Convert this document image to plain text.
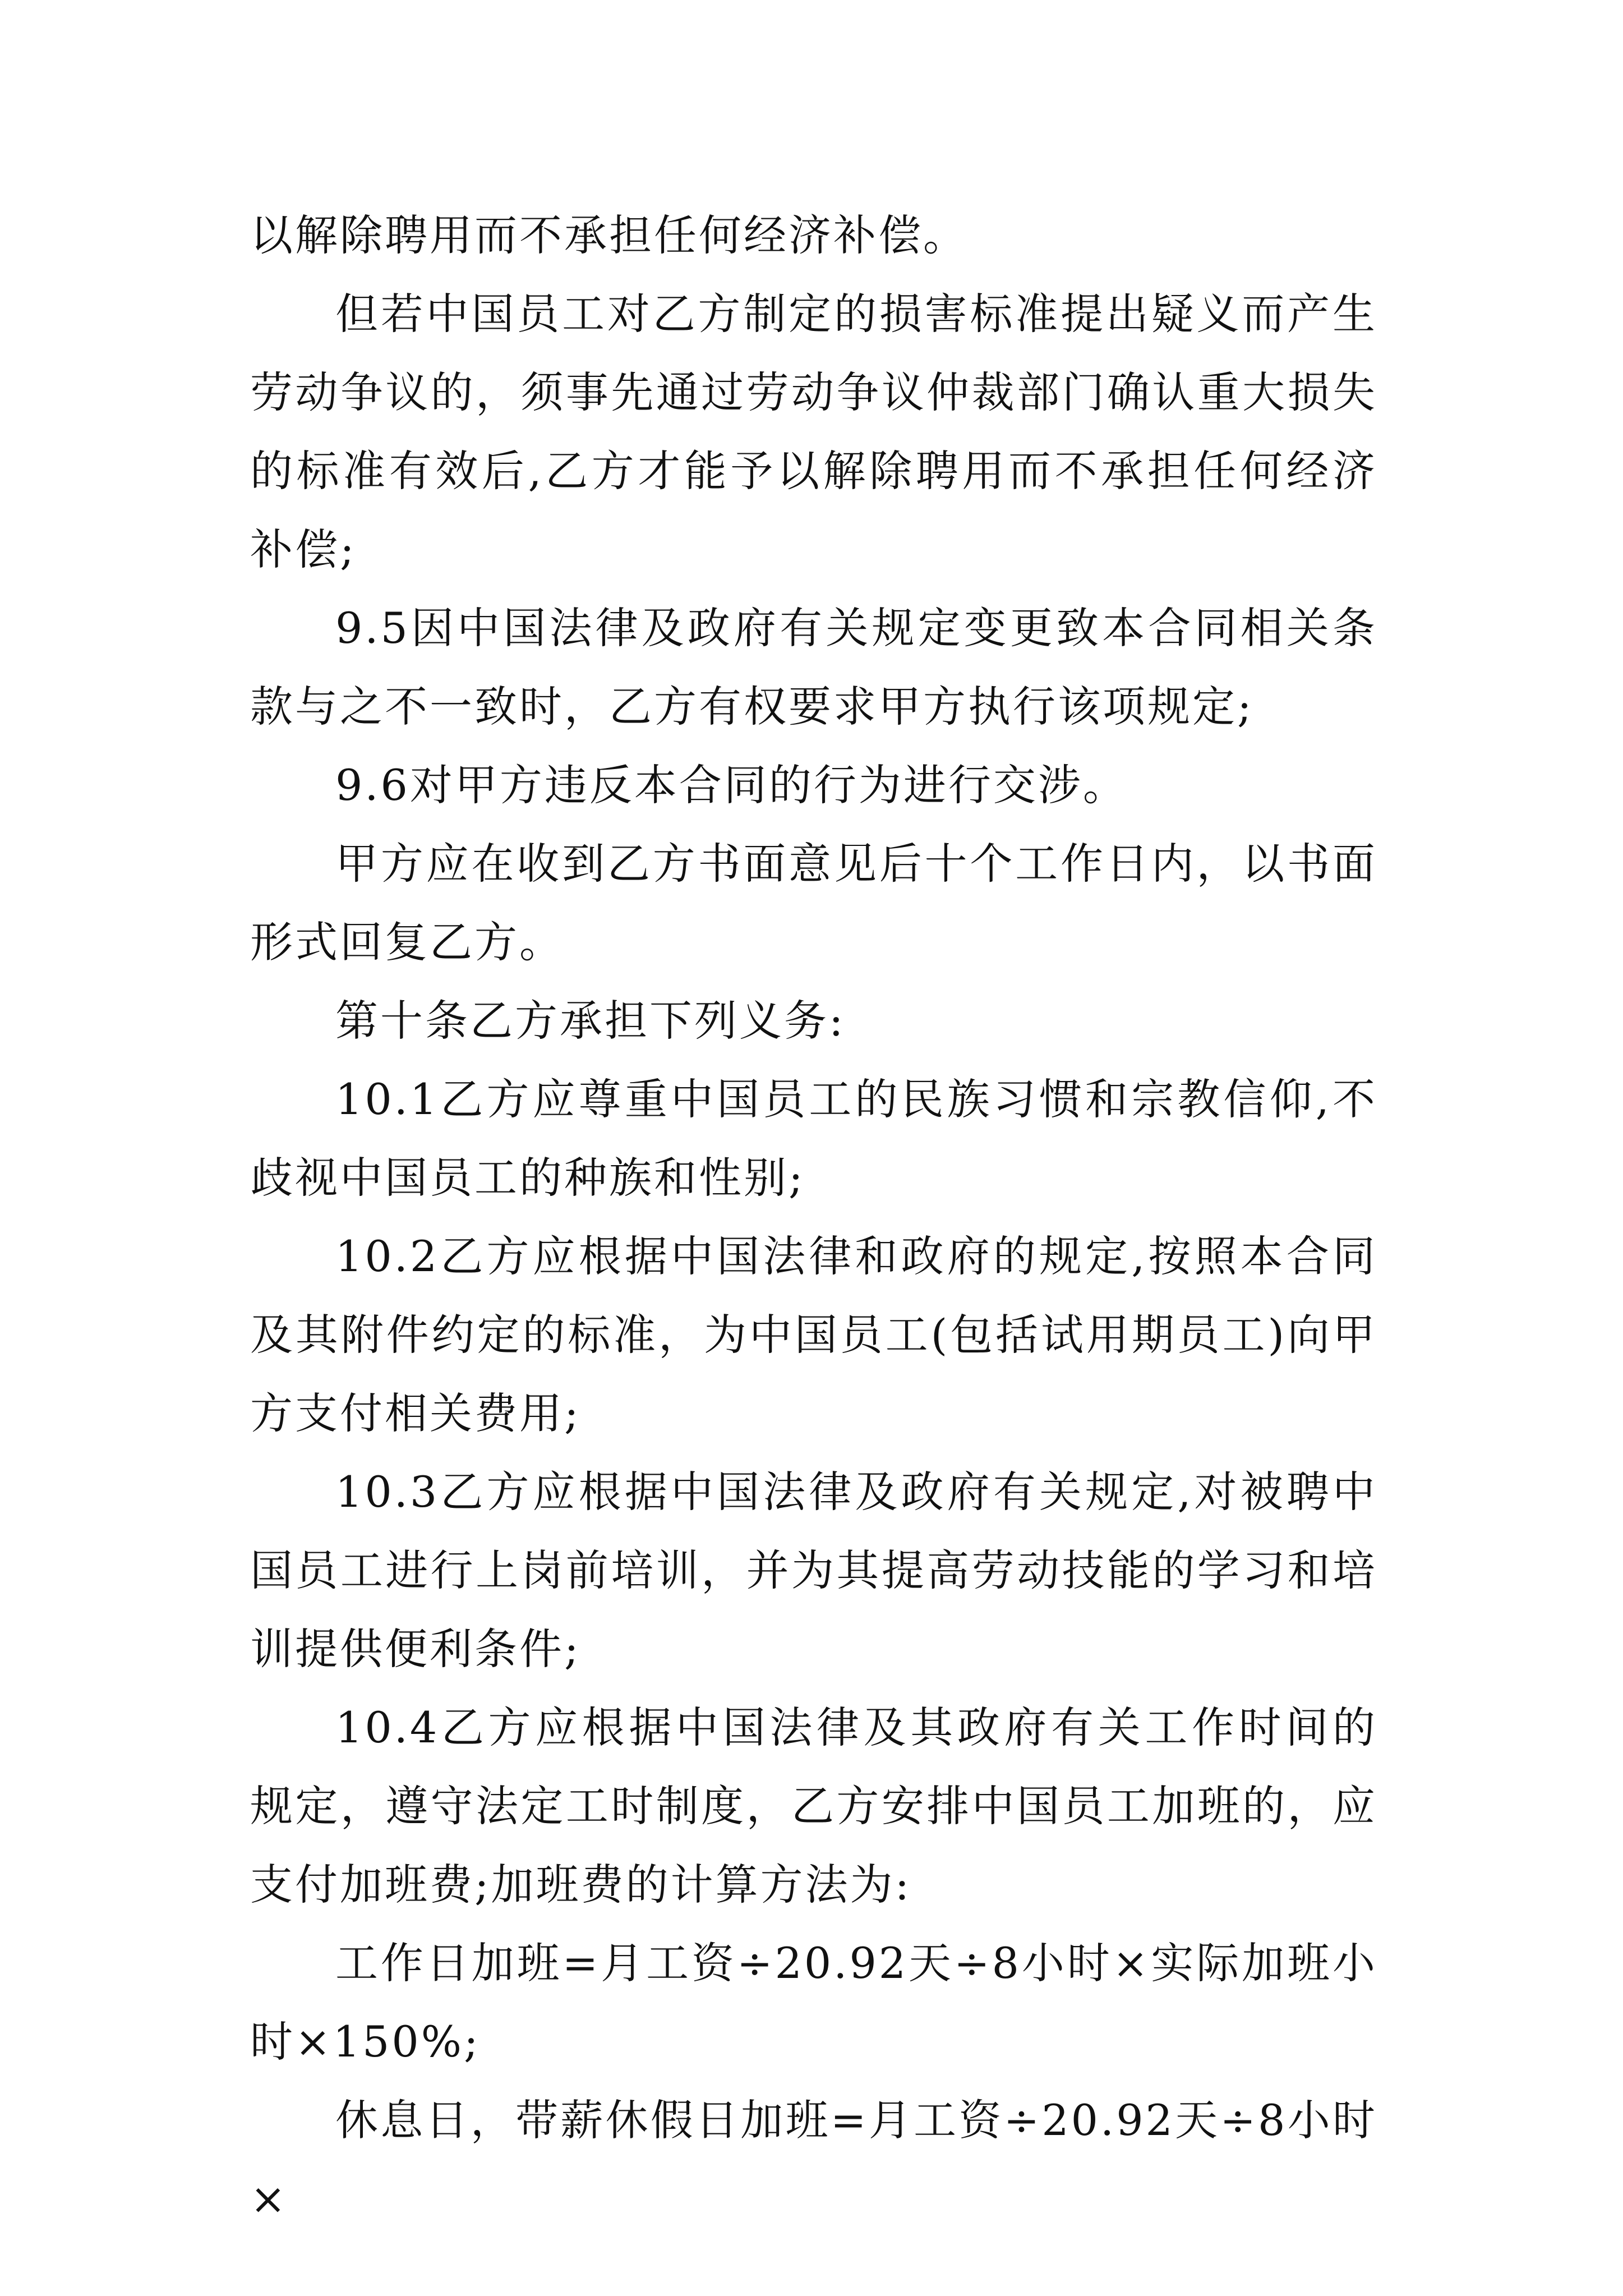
以解除聘用而不承担任何经济补偿。

但若中国员工对乙方制定的损害标准提出疑义而产生劳动争议的，须事先通过劳动争议仲裁部门确认重大损失的标准有效后,乙方才能予以解除聘用而不承担任何经济补偿;

9.5因中国法律及政府有关规定变更致本合同相关条款与之不一致时，乙方有权要求甲方执行该项规定;

9.6对甲方违反本合同的行为进行交涉。

甲方应在收到乙方书面意见后十个工作日内，以书面形式回复乙方。

第十条乙方承担下列义务:

10.1乙方应尊重中国员工的民族习惯和宗教信仰,不歧视中国员工的种族和性别;

10.2乙方应根据中国法律和政府的规定,按照本合同及其附件约定的标准，为中国员工(包括试用期员工)向甲方支付相关费用;

10.3乙方应根据中国法律及政府有关规定,对被聘中国员工进行上岗前培训，并为其提高劳动技能的学习和培训提供便利条件;

10.4乙方应根据中国法律及其政府有关工作时间的规定，遵守法定工时制度，乙方安排中国员工加班的，应支付加班费;加班费的计算方法为:

工作日加班=月工资÷20.92天÷8小时×实际加班小时×150%;

休息日，带薪休假日加班=月工资÷20.92天÷8小时×
